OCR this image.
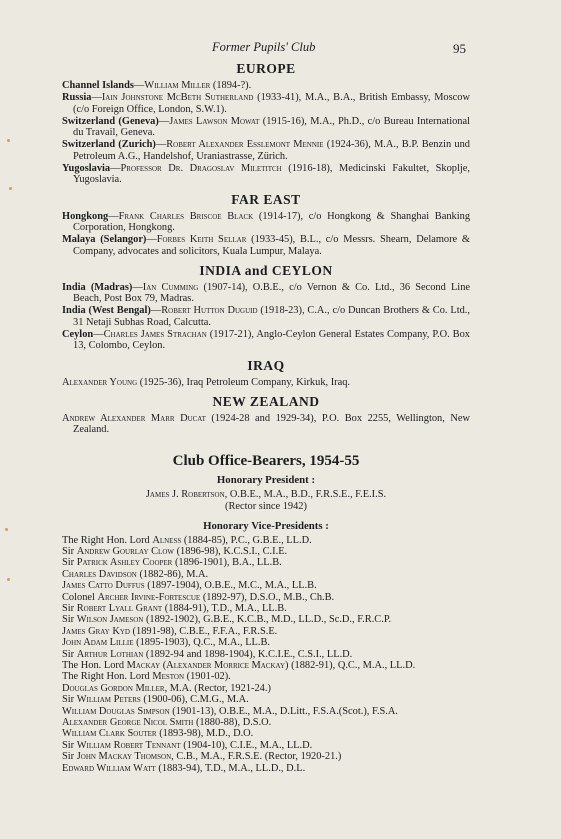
Former Pupils' Club	95
EUROPE

Channel Islands—William Miller (1894-?).

Russia—Iain Johnstone McBeth Sutherland (1933-41), M.A., B.A., British Embassy, Moscow (c/o Foreign Office, London, S.W.1).

Switzerland (Geneva)—James Lawson Mowat (1915-16), M.A., Ph.D., c/o Bureau International du Travail, Geneva.

Switzerland (Zurich)—Robert Alexander Esslemont Mennie (1924-36), M.A., B.P. Benzin und Petroleum A.G., Handelshof, Uraniastrasse, Zürich.

Yugoslavia—Professor Dr. Dragoslav Miletitch (1916-18), Medicinski Fakultet, Skoplje, Yugoslavia.

FAR EAST

Hongkong—Frank Charles Briscoe Black (1914-17), c/o Hongkong & Shanghai Banking Corporation, Hongkong.

Malaya (Selangor)—Forbes Keith Sellar (1933-45), B.L., c/o Messrs. Shearn, Delamore & Company, advocates and solicitors, Kuala Lumpur, Malaya.

INDIA and CEYLON

India (Madras)—Ian Cumming (1907-14), O.B.E., c/o Vernon & Co. Ltd., 36 Second Line Beach, Post Box 79, Madras.

India (West Bengal)—Robert Hutton Duguid (1918-23), C.A., c/o Duncan Brothers & Co. Ltd., 31 Netaji Subhas Road, Calcutta.

Ceylon—Charles James Strachan (1917-21), Anglo-Ceylon General Estates Company, P.O. Box 13, Colombo, Ceylon.

IRAQ

Alexander Young (1925-36), Iraq Petroleum Company, Kirkuk, Iraq.

NEW ZEALAND

Andrew Alexander Marr Ducat (1924-28 and 1929-34), P.O. Box 2255, Wellington, New Zealand.

Club Office-Bearers, 1954-55
Honorary President :

James J. Robertson, O.B.E., M.A., B.D., F.R.S.E., F.E.I.S.

(Rector since 1942)

Honorary Vice-Presidents :

The Right Hon. Lord Alness (1884-85), P.C., G.B.E., LL.D.

Sir Andrew Gourlay Clow (1896-98), K.C.S.I., C.I.E.

Sir Patrick Ashley Cooper (1896-1901), B.A., LL.B.

Charles Davidson (1882-86), M.A.

James Catto Duffus (1897-1904), O.B.E., M.C., M.A., LL.B.

Colonel Archer Irvine-Fortescue (1892-97), D.S.O., M.B., Ch.B.

Sir Robert Lyall Grant (1884-91), T.D., M.A., LL.B.

Sir Wilson Jameson (1892-1902), G.B.E., K.C.B., M.D., LL.D., Sc.D., F.R.C.P.

James Gray Kyd (1891-98), C.B.E., F.F.A., F.R.S.E.

John Adam Lillie (1895-1903), Q.C., M.A., LL.B.

Sir Arthur Lothian (1892-94 and 1898-1904), K.C.I.E., C.S.I., LL.D.

The Hon. Lord Mackay (Alexander Morrice Mackay) (1882-91), Q.C., M.A., LL.D.

The Right Hon. Lord Meston (1901-02).

Douglas Gordon Miller, M.A. (Rector, 1921-24.)

Sir William Peters (1900-06), C.M.G., M.A.

William Douglas Simpson (1901-13), O.B.E., M.A., D.Litt., F.S.A.(Scot.), F.S.A.

Alexander George Nicol Smith (1880-88), D.S.O.

William Clark Souter (1893-98), M.D., D.O.

Sir William Robert Tennant (1904-10), C.I.E., M.A., LL.D.

Sir John Mackay Thomson, C.B., M.A., F.R.S.E. (Rector, 1920-21.)

Edward William Watt (1883-94), T.D., M.A., LL.D., D.L.
